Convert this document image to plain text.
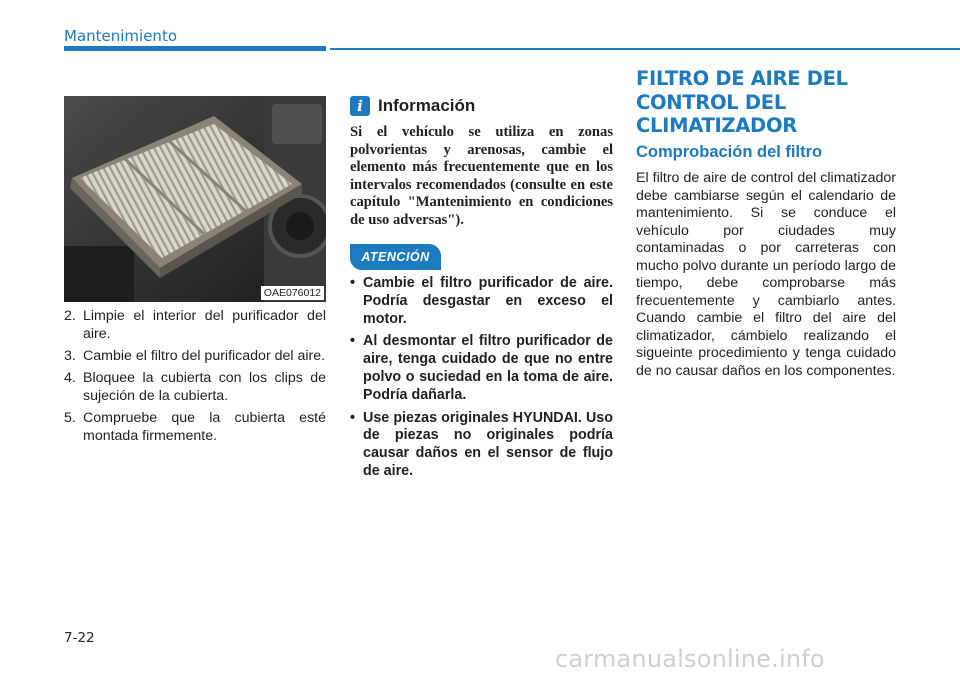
Mantenimiento
OAE076012
2. Limpie el interior del purificador del aire.
3. Cambie el filtro del purificador del aire.
4. Bloquee la cubierta con los clips de sujeción de la cubierta.
5. Compruebe que la cubierta esté montada firmemente.
i Información

Si el vehículo se utiliza en zonas polvorientas y arenosas, cambie el elemento más frecuentemente que en los intervalos recomendados (consulte en este capítulo "Mantenimiento en condiciones de uso adversas").

ATENCIÓN
• Cambie el filtro purificador de aire. Podría desgastar en exceso el motor.
• Al desmontar el filtro purificador de aire, tenga cuidado de que no entre polvo o suciedad en la toma de aire. Podría dañarla.
• Use piezas originales HYUNDAI. Uso de piezas no originales podría causar daños en el sensor de flujo de aire.
FILTRO DE AIRE DEL CONTROL DEL CLIMATIZADOR
Comprobación del filtro

El filtro de aire de control del climatizador debe cambiarse según el calendario de mantenimiento. Si se conduce el vehículo por ciudades muy contaminadas o por carreteras con mucho polvo durante un período largo de tiempo, debe comprobarse más frecuentemente y cambiarlo antes. Cuando cambie el filtro del aire del climatizador, cámbielo realizando el sigueinte procedimiento y tenga cuidado de no causar daños en los componentes.

7-22
carmanualsonline.info
